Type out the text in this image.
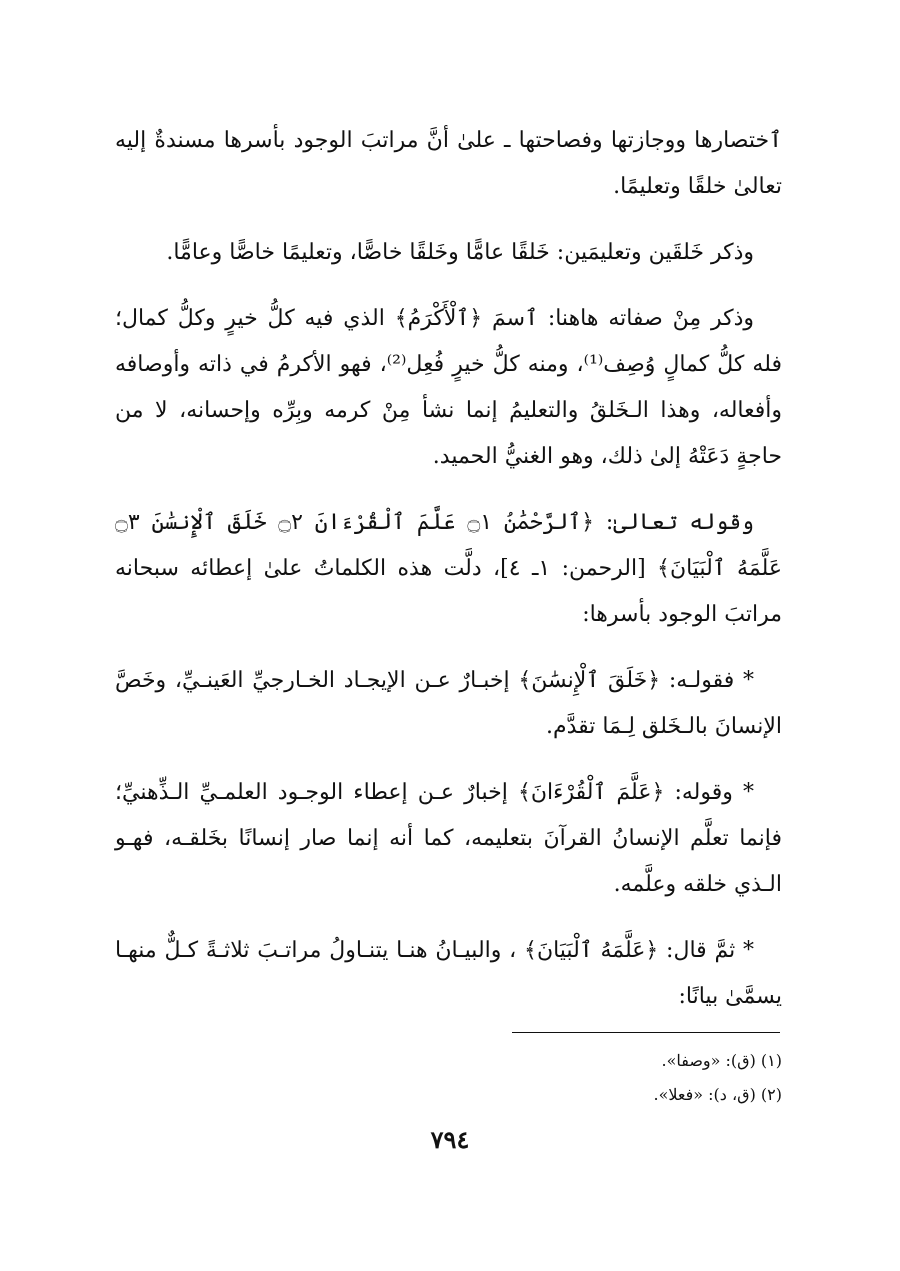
ٱختصارها ووجازتها وفصاحتها ـ علىٰ أنَّ مراتبَ الوجود بأسرها مسندةٌ إليه تعالىٰ خلقًا وتعليمًا.

وذكر خَلقَين وتعليمَين: خَلقًا عامًّا وخَلقًا خاصًّا، وتعليمًا خاصًّا وعامًّا.

وذكر مِنْ صفاته هاهنا: ٱسمَ ﴿ٱلْأَكْرَمُ﴾ الذي فيه كلُّ خيرٍ وكلُّ كمال؛ فله كلُّ كمالٍ وُصِف⁽¹⁾، ومنه كلُّ خيرٍ فُعِل⁽²⁾، فهو الأكرمُ في ذاته وأوصافه وأفعاله، وهذا الـخَلقُ والتعليمُ إنما نشأ مِنْ كرمه وبِرِّه وإحسانه، لا من حاجةٍ دَعَتْهُ إلىٰ ذلك، وهو الغنيُّ الحميد.

وقوله تعالىٰ: ﴿ٱلرَّحْمَٰنُ ۝١ عَلَّمَ ٱلْقُرْءَانَ ۝٢ خَلَقَ ٱلْإِنسَٰنَ ۝٣ عَلَّمَهُ ٱلْبَيَانَ﴾ [الرحمن: ١ـ ٤]، دلَّت هذه الكلماتُ علىٰ إعطائه سبحانه مراتبَ الوجود بأسرها:

* فقولـه: ﴿خَلَقَ ٱلْإِنسَٰنَ﴾ إخبـارٌ عـن الإيجـاد الخـارجيِّ العَينـيِّ، وخَصَّ الإنسانَ بالـخَلق لِـمَا تقدَّم.

* وقوله: ﴿عَلَّمَ ٱلْقُرْءَانَ﴾ إخبارٌ عـن إعطاء الوجـود العلمـيِّ الـذِّهنيِّ؛ فإنما تعلَّم الإنسانُ القرآنَ بتعليمه، كما أنه إنما صار إنسانًا بخَلقـه، فهـو الـذي خلقه وعلَّمه.

* ثمَّ قال: ﴿عَلَّمَهُ ٱلْبَيَانَ﴾ ، والبيـانُ هنـا يتنـاولُ مراتـبَ ثلاثـةً كـلٌّ منهـا يسمَّىٰ بيانًا:

(١) (ق): «وصفا».

(٢) (ق، د): «فعلا».

٧٩٤
